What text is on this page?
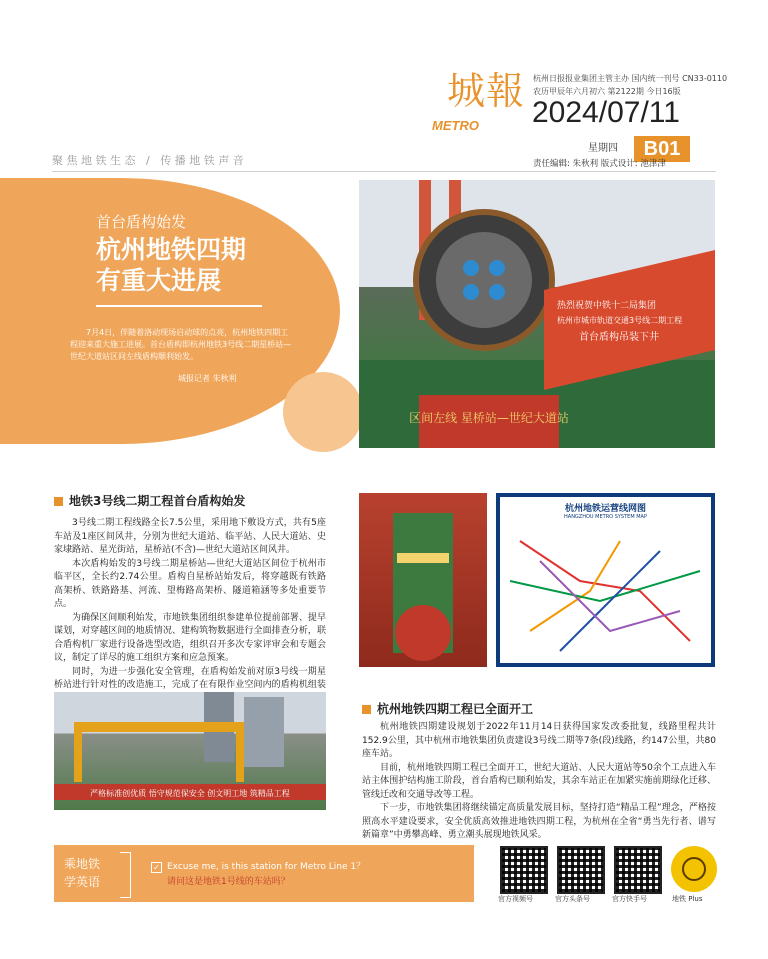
城報
METRO
杭州日报报业集团主管主办 国内统一刊号 CN33-0110
农历甲辰年六月初六 第2122期 今日16版
2024/07/11
星期四	B01
责任编辑: 朱秋利 版式设计: 池津津
聚焦地铁生态 / 传播地铁声音
首台盾构始发
杭州地铁四期
有重大进展
7月4日，伴随着洛动现场启动球的点亮，杭州地铁四期工程迎来重大施工进展。首台盾构即杭州地铁3号线二期星桥站—世纪大道站区间左线盾构顺利始发。
城报记者 朱秋利
区间左线 星桥站—世纪大道站
热烈祝贺中铁十二局集团
杭州市城市轨道交通3号线二期工程
首台盾构吊装下井
地铁3号线二期工程首台盾构始发

3号线二期工程线路全长7.5公里，采用地下敷设方式，共有5座车站及1座区间风井，分别为世纪大道站、临平站、人民大道站、史家埭路站、星光街站，星桥站(不含)—世纪大道站区间风井。

本次盾构始发的3号线二期星桥站—世纪大道站区间位于杭州市临平区，全长约2.74公里。盾构自星桥站始发后，将穿越既有铁路高架桥、铁路路基、河流、望梅路高架桥、隧道箱涵等多处重要节点。

为确保区间顺利始发，市地铁集团组织参建单位提前部署、提早谋划，对穿越区间的地质情况、建构筑物数据进行全面排查分析，联合盾构机厂家进行设备选型改造，组织召开多次专家评审会和专题会议，制定了详尽的施工组织方案和应急预案。

同时，为进一步强化安全管理，在盾构始发前对原3号线一期星桥站进行针对性的改造施工，完成了在有限作业空间内的盾构机组装

杭州地铁运营线网图
HANGZHOU METRO SYSTEM MAP
严格标准创优质 悟守规范保安全 创文明工地 筑精品工程
杭州地铁四期工程已全面开工

杭州地铁四期建设规划于2022年11月14日获得国家发改委批复，线路里程共计152.9公里，其中杭州市地铁集团负责建设3号线二期等7条(段)线路，约147公里，共80座车站。

目前，杭州地铁四期工程已全面开工，世纪大道站、人民大道站等50余个工点进入车站主体围护结构施工阶段，首台盾构已顺利始发，其余车站正在加紧实施前期绿化迁移、管线迁改和交通导改等工程。

下一步，市地铁集团将继续锚定高质量发展目标，坚持打造“精品工程”理念，严格按照高水平建设要求，安全优质高效推进地铁四期工程，为杭州在全省“勇当先行者、谱写新篇章”中勇攀高峰、勇立潮头展现地铁风采。

乘地铁
学英语
✓ Excuse me, is this station for Metro Line 1？
请问这是地铁1号线的车站吗？
官方视频号	官方头条号	官方快手号	地铁 Plus
